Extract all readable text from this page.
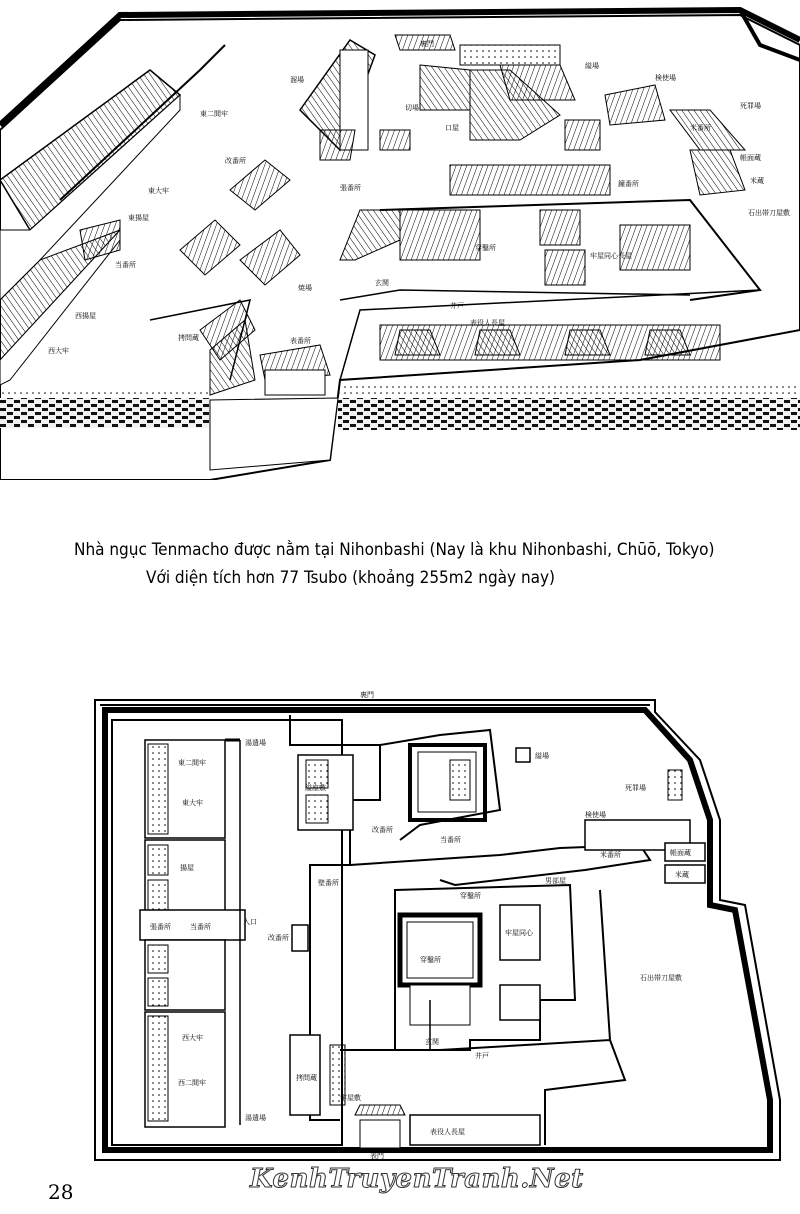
東二間牢
東大牢
東揚屋
当番所
西揚屋
西大牢
拷問蔵
裏門
縊場
検使場
死罪場
切場
口屋	米番所
帳面蔵
米蔵
鐘番所
張番所
穿鑿所
牢屋同心長屋
石出帯刀屋敷
焼場
玄関
井戸
表役人長屋
表番所
改番所
溜場
Nhà ngục Tenmacho được nằm tại Nihonbashi (Nay là khu Nihonbashi, Chūō, Tokyo)
Với diện tích hơn 77 Tsubo (khoảng 255m2 ngày nay)
裏門
縊場
死罪場
検使場
米番所	帳面蔵
米蔵
男部屋
穿鑿所
牢屋同心
穿鑿所
玄関
井戸
石出帯刀屋敷
表役人長屋
表門
入口
当番所
張番所
改番所
東二間牢
東大牢
揚屋
西大牢
西二間牢
拷問蔵
湯遣場
湯遣場
改番所
当番所
縊座敷
壁番所
牢屋敷
28	KenhTruyenTranh.Net
